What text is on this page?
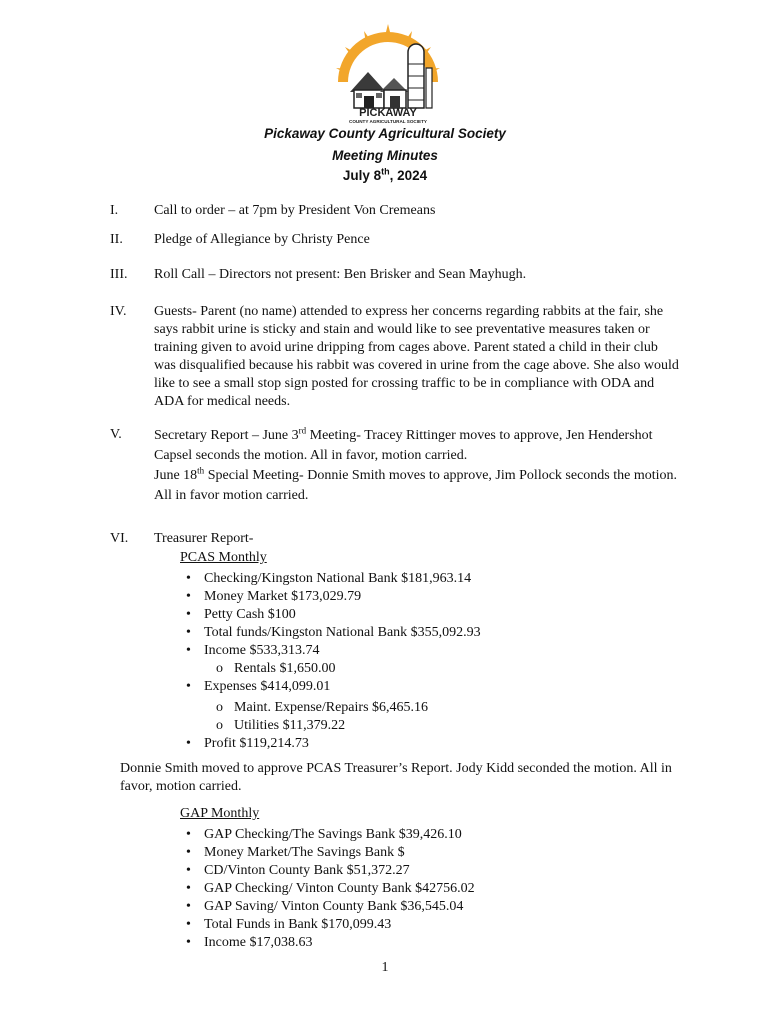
PICKAWAY
COUNTY AGRICULTURAL SOCIETY
Pickaway County Agricultural Society
Meeting Minutes
July 8th, 2024
I.	Call to order – at 7pm by President Von Cremeans
II.	Pledge of Allegiance by Christy Pence
III.	Roll Call – Directors not present: Ben Brisker and Sean Mayhugh.
IV.	Guests- Parent (no name) attended to express her concerns regarding rabbits at the fair, she
says rabbit urine is sticky and stain and would like to see preventative measures taken or
training given to avoid urine dripping from cages above. Parent stated a child in their club
was disqualified because his rabbit was covered in urine from the cage above. She also would
like to see a small stop sign posted for crossing traffic to be in compliance with ODA and
ADA for medical needs.
V.	Secretary Report – June 3rd Meeting- Tracey Rittinger moves to approve, Jen Hendershot
Capsel seconds the motion. All in favor, motion carried.
June 18th Special Meeting- Donnie Smith moves to approve, Jim Pollock seconds the motion.
All in favor motion carried.
VI.	Treasurer Report-
PCAS Monthly
• Checking/Kingston National Bank $181,963.14
• Money Market $173,029.79
• Petty Cash $100
• Total funds/Kingston National Bank $355,092.93
• Income $533,313.74
o Rentals $1,650.00
• Expenses $414,099.01
o Maint. Expense/Repairs $6,465.16
o Utilities $11,379.22
• Profit $119,214.73
Donnie Smith moved to approve PCAS Treasurer’s Report. Jody Kidd seconded the motion. All in
favor, motion carried.
GAP Monthly
• GAP Checking/The Savings Bank $39,426.10
• Money Market/The Savings Bank $
• CD/Vinton County Bank $51,372.27
• GAP Checking/ Vinton County Bank $42756.02
• GAP Saving/ Vinton County Bank $36,545.04
• Total Funds in Bank $170,099.43
• Income $17,038.63
1
